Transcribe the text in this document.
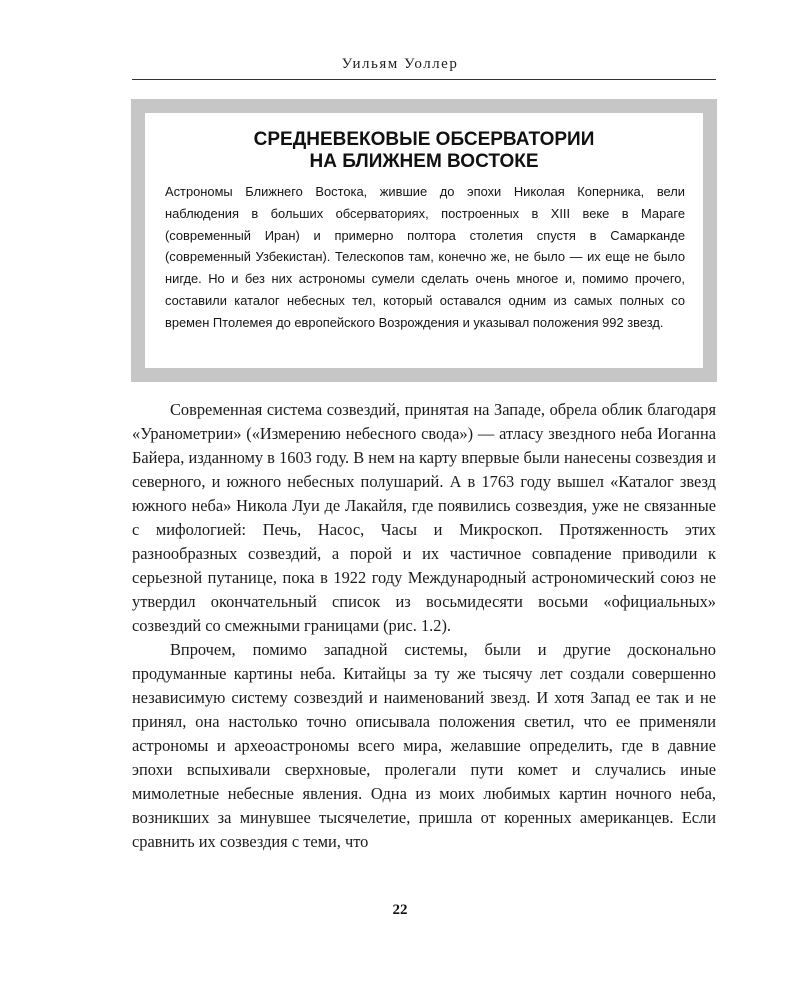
Уильям Уоллер
СРЕДНЕВЕКОВЫЕ ОБСЕРВАТОРИИ
НА БЛИЖНЕМ ВОСТОКЕ
Астрономы Ближнего Востока, жившие до эпохи Николая Коперника, вели наблюдения в больших обсерваториях, построенных в XIII веке в Мараге (современный Иран) и примерно полтора столетия спустя в Самарканде (современный Узбекистан). Телескопов там, конечно же, не было — их еще не было нигде. Но и без них астрономы сумели сделать очень многое и, помимо прочего, составили каталог небесных тел, который оставался одним из самых полных со времен Птолемея до европейского Возрождения и указывал положения 992 звезд.

Современная система созвездий, принятая на Западе, обрела облик благодаря «Уранометрии» («Измерению небесного свода») — атласу звездного неба Иоганна Байера, изданному в 1603 году. В нем на карту впервые были нанесены созвездия и северного, и южного небесных полушарий. А в 1763 году вышел «Каталог звезд южного неба» Никола Луи де Лакайля, где появились созвездия, уже не связанные с мифологией: Печь, Насос, Часы и Микроскоп. Протяженность этих разнообразных созвездий, а порой и их частичное совпадение приводили к серьезной путанице, пока в 1922 году Международный астрономический союз не утвердил окончательный список из восьмидесяти восьми «официальных» созвездий со смежными границами (рис. 1.2).

Впрочем, помимо западной системы, были и другие досконально продуманные картины неба. Китайцы за ту же тысячу лет создали совершенно независимую систему созвездий и наименований звезд. И хотя Запад ее так и не принял, она настолько точно описывала положения светил, что ее применяли астрономы и археоастрономы всего мира, желавшие определить, где в давние эпохи вспыхивали сверхновые, пролегали пути комет и случались иные мимолетные небесные явления. Одна из моих любимых картин ночного неба, возникших за минувшее тысячелетие, пришла от коренных американцев. Если сравнить их созвездия с теми, что

22
